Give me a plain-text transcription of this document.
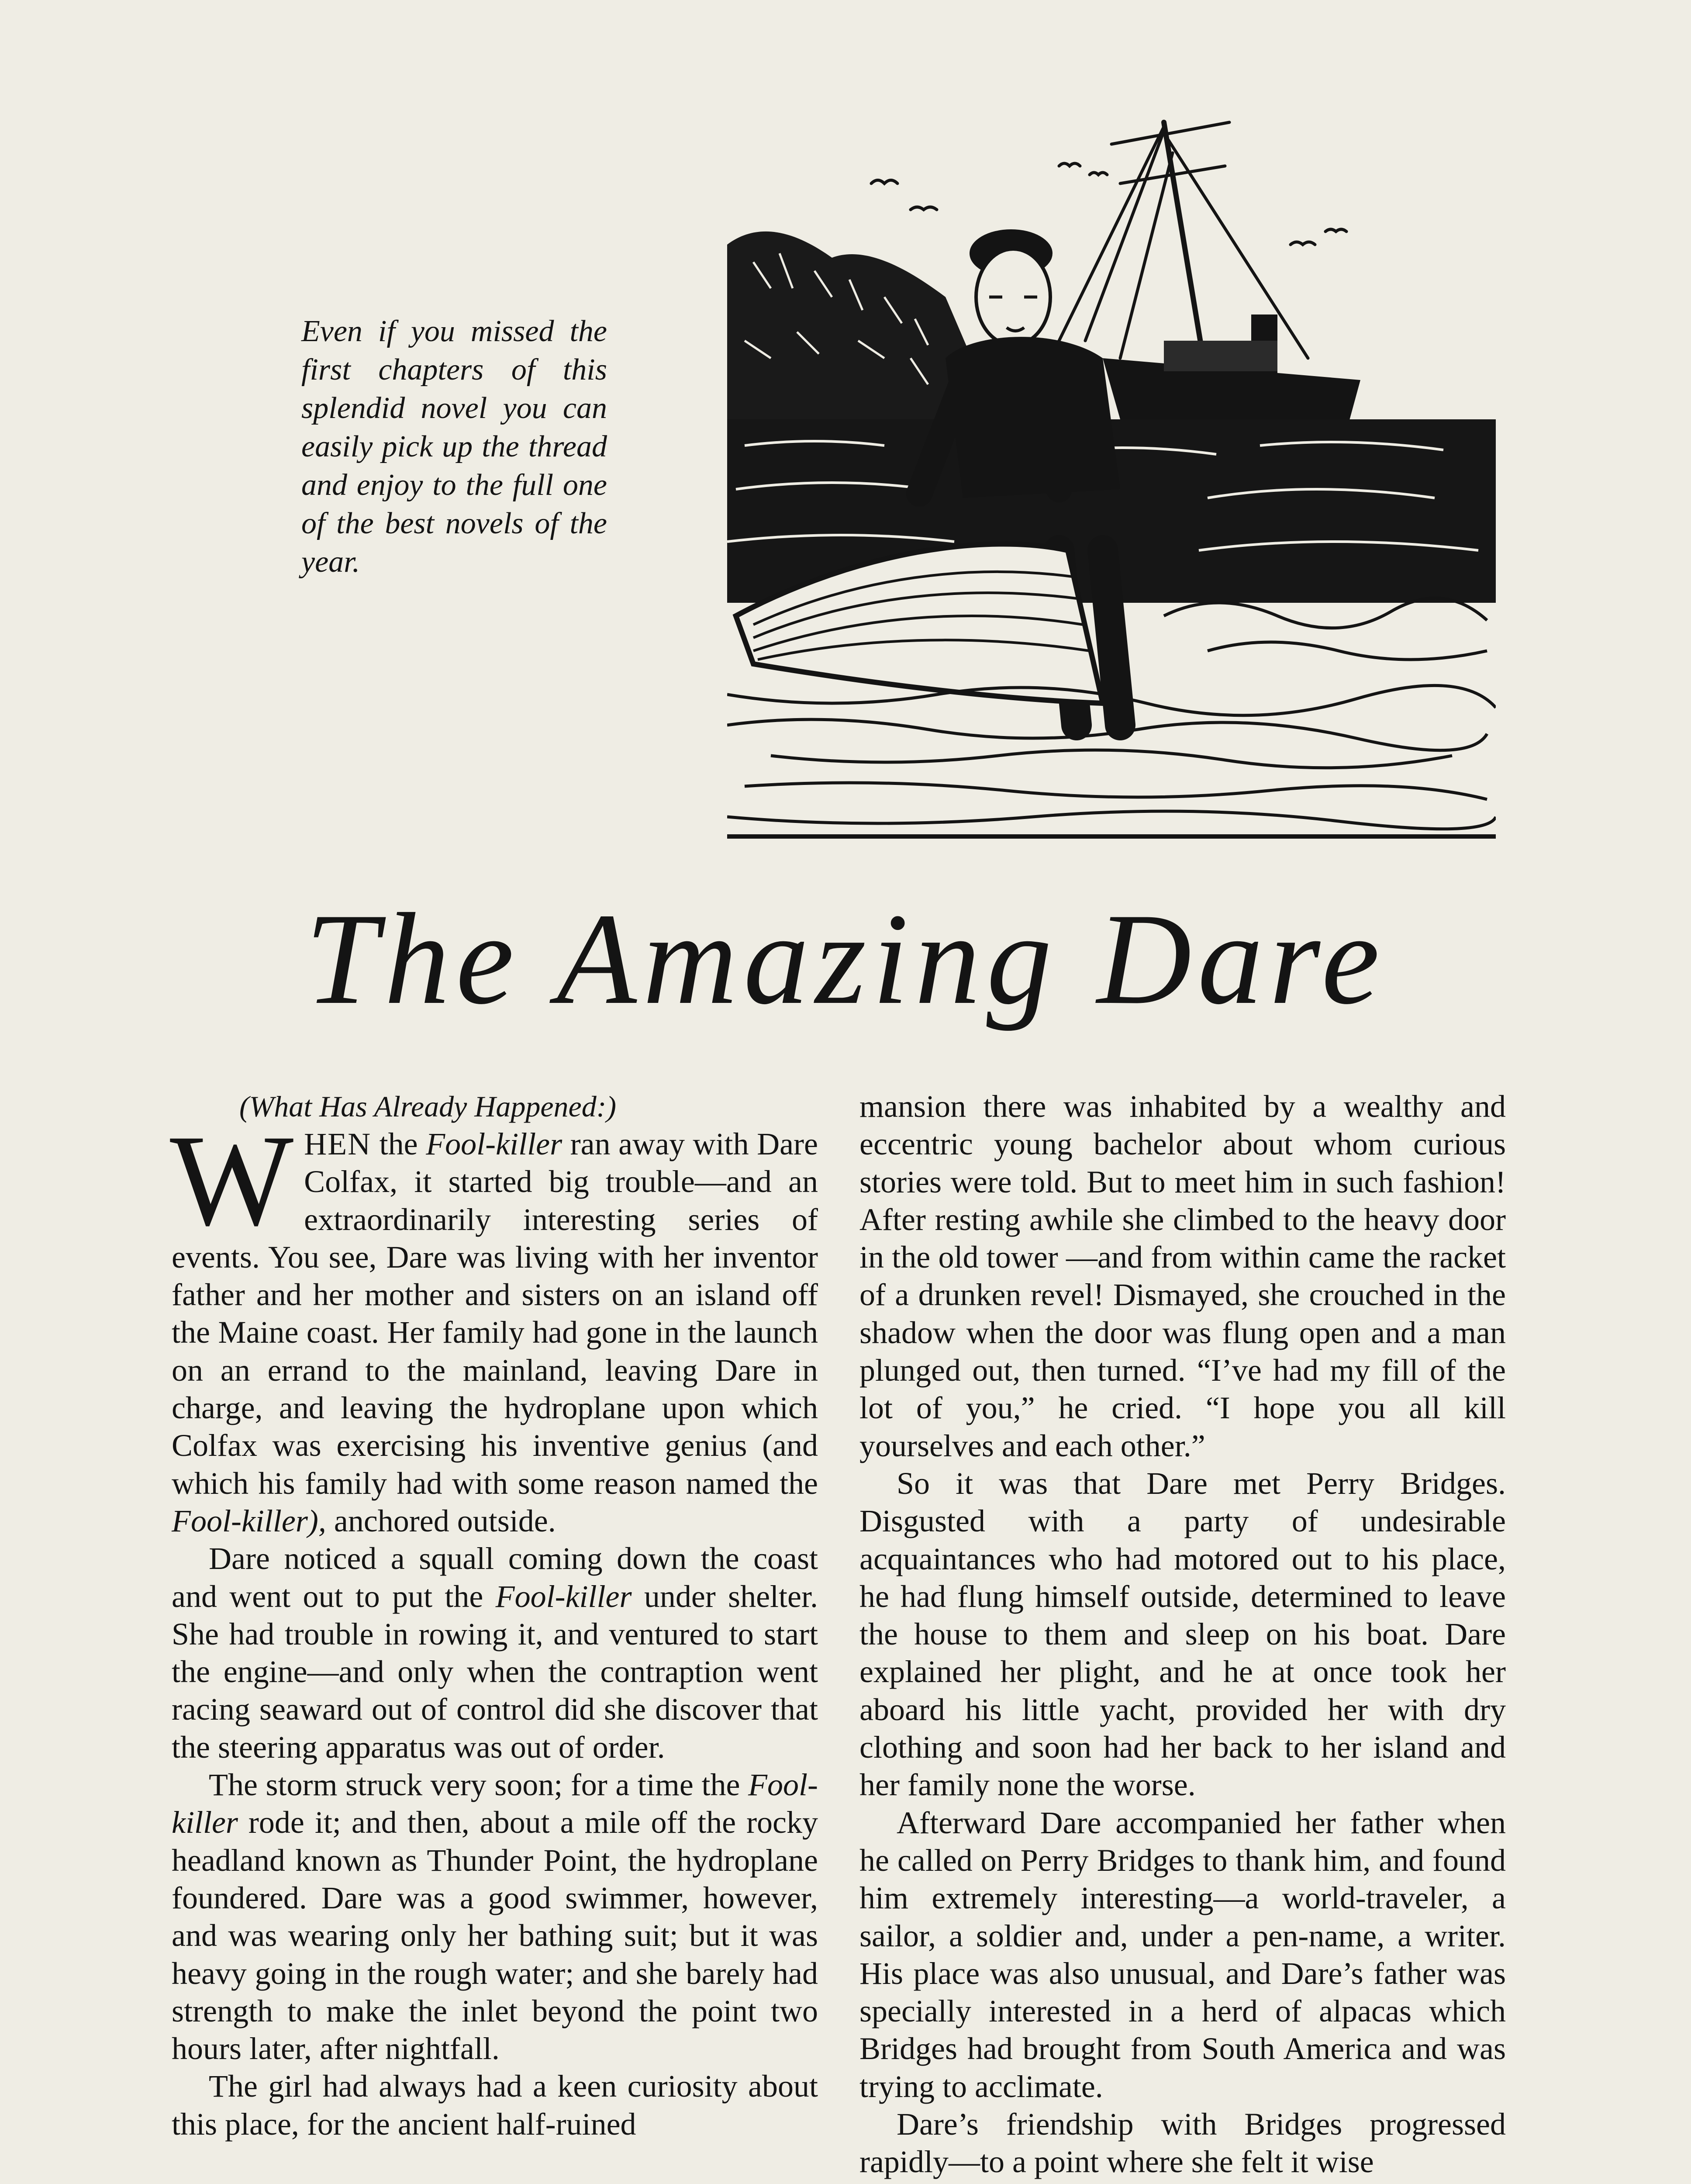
Even if you missed the first chapters of this splendid novel you can easily pick up the thread and enjoy to the full one of the best novels of the year.
The Amazing Dare

(What Has Already Happened:)

WHEN the Fool-killer ran away with Dare Colfax, it started big trouble—and an extraordinarily interesting series of events. You see, Dare was living with her inventor father and her mother and sisters on an island off the Maine coast. Her family had gone in the launch on an errand to the mainland, leaving Dare in charge, and leaving the hydroplane upon which Colfax was exercising his inventive genius (and which his family had with some reason named the Fool-killer), anchored outside.

Dare noticed a squall coming down the coast and went out to put the Fool-killer under shelter. She had trouble in rowing it, and ventured to start the engine—and only when the contraption went racing seaward out of control did she discover that the steering apparatus was out of order.

The storm struck very soon; for a time the Fool-killer rode it; and then, about a mile off the rocky headland known as Thunder Point, the hydroplane foundered. Dare was a good swimmer, however, and was wearing only her bathing suit; but it was heavy going in the rough water; and she barely had strength to make the inlet beyond the point two hours later, after nightfall.

The girl had always had a keen curiosity about this place, for the ancient half-ruined

mansion there was inhabited by a wealthy and eccentric young bachelor about whom curious stories were told. But to meet him in such fashion! After resting awhile she climbed to the heavy door in the old tower —and from within came the racket of a drunken revel! Dismayed, she crouched in the shadow when the door was flung open and a man plunged out, then turned. “I’ve had my fill of the lot of you,” he cried. “I hope you all kill yourselves and each other.”

So it was that Dare met Perry Bridges. Disgusted with a party of undesirable acquaintances who had motored out to his place, he had flung himself outside, determined to leave the house to them and sleep on his boat. Dare explained her plight, and he at once took her aboard his little yacht, provided her with dry clothing and soon had her back to her island and her family none the worse.

Afterward Dare accompanied her father when he called on Perry Bridges to thank him, and found him extremely interesting—a world-traveler, a sailor, a soldier and, under a pen-name, a writer. His place was also unusual, and Dare’s father was specially interested in a herd of alpacas which Bridges had brought from South America and was trying to acclimate.

Dare’s friendship with Bridges progressed rapidly—to a point where she felt it wise
